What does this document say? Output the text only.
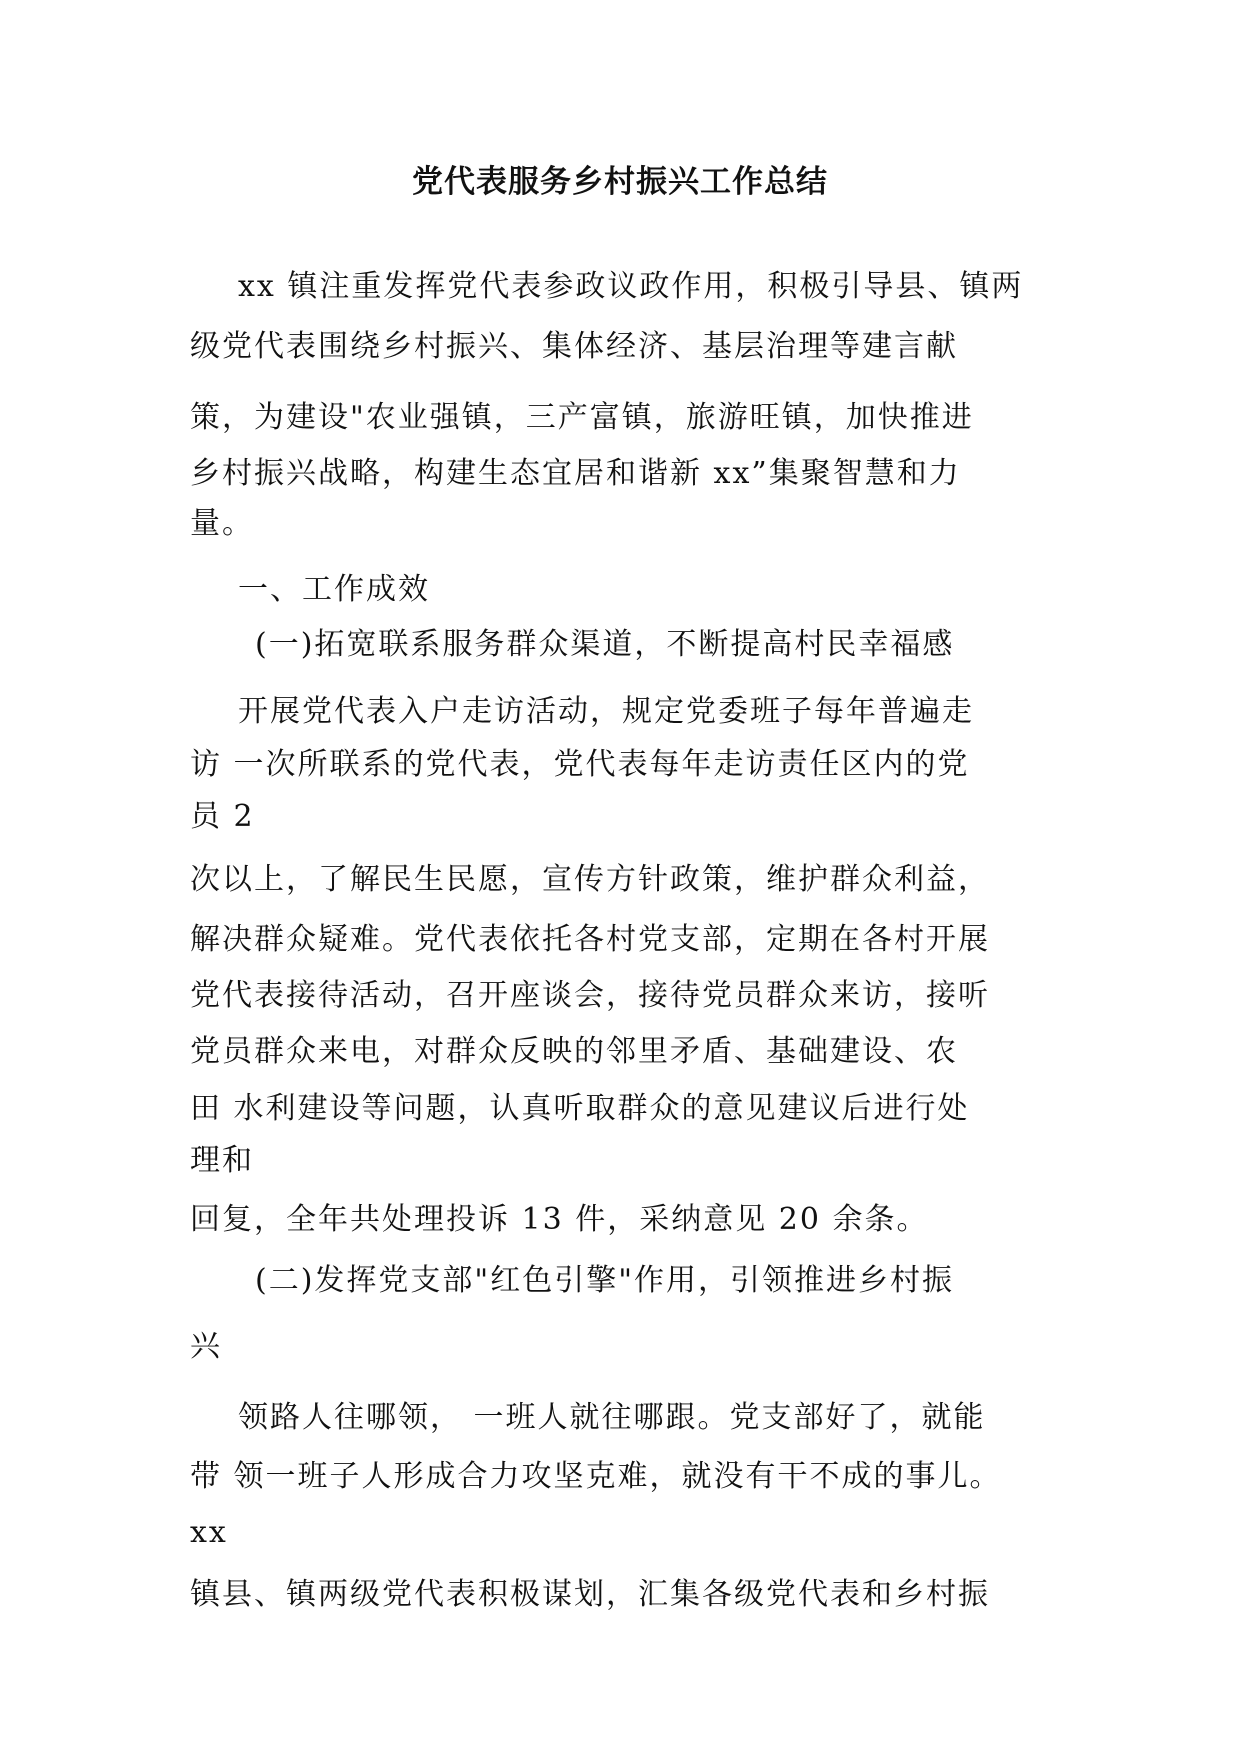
党代表服务乡村振兴工作总结
xx 镇注重发挥党代表参政议政作用，积极引导县、镇两
级党代表围绕乡村振兴、集体经济、基层治理等建言献
策，为建设"农业强镇，三产富镇，旅游旺镇，加快推进
乡村振兴战略，构建生态宜居和谐新 xx”集聚智慧和力
量。
一、工作成效
(一)拓宽联系服务群众渠道，不断提高村民幸福感
开展党代表入户走访活动，规定党委班子每年普遍走
访 一次所联系的党代表，党代表每年走访责任区内的党
员 2
次以上，了解民生民愿，宣传方针政策，维护群众利益，
解决群众疑难。党代表依托各村党支部，定期在各村开展
党代表接待活动，召开座谈会，接待党员群众来访，接听
党员群众来电，对群众反映的邻里矛盾、基础建设、农
田 水利建设等问题，认真听取群众的意见建议后进行处
理和
回复，全年共处理投诉 13 件，采纳意见 20 余条。
(二)发挥党支部"红色引擎"作用，引领推进乡村振
兴
领路人往哪领， 一班人就往哪跟。党支部好了，就能
带 领一班子人形成合力攻坚克难，就没有干不成的事儿。
xx
镇县、镇两级党代表积极谋划，汇集各级党代表和乡村振
